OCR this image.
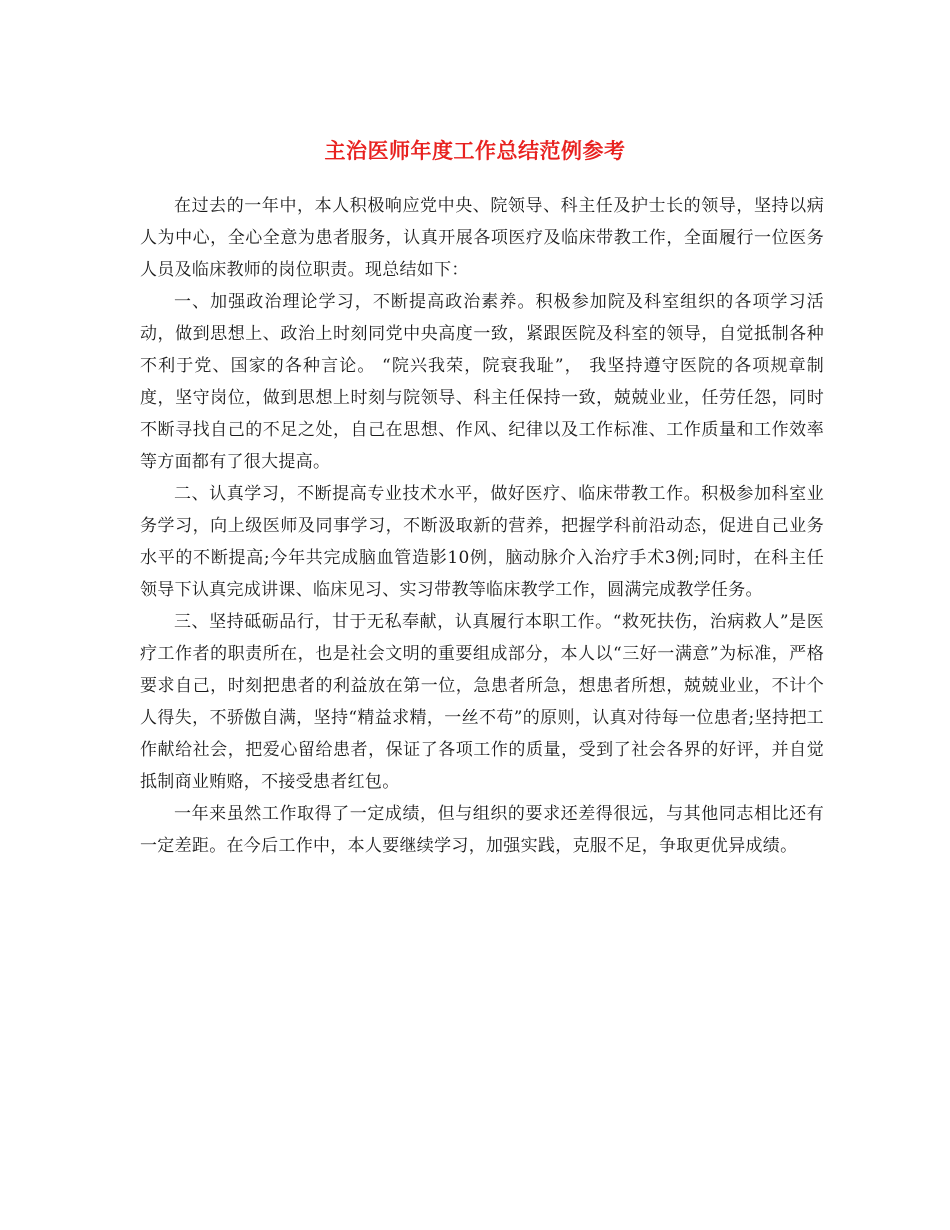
主治医师年度工作总结范例参考

在过去的一年中，本人积极响应党中央、院领导、科主任及护士长的领导，坚持以病人为中心，全心全意为患者服务，认真开展各项医疗及临床带教工作，全面履行一位医务人员及临床教师的岗位职责。现总结如下：

一、加强政治理论学习，不断提高政治素养。积极参加院及科室组织的各项学习活动，做到思想上、政治上时刻同党中央高度一致，紧跟医院及科室的领导，自觉抵制各种不利于党、国家的各种言论。 “院兴我荣，院衰我耻”， 我坚持遵守医院的各项规章制度，坚守岗位，做到思想上时刻与院领导、科主任保持一致，兢兢业业，任劳任怨，同时不断寻找自己的不足之处，自己在思想、作风、纪律以及工作标准、工作质量和工作效率等方面都有了很大提高。

二、认真学习，不断提高专业技术水平，做好医疗、临床带教工作。积极参加科室业务学习，向上级医师及同事学习，不断汲取新的营养，把握学科前沿动态，促进自己业务水平的不断提高;今年共完成脑血管造影10例，脑动脉介入治疗手术3例;同时，在科主任领导下认真完成讲课、临床见习、实习带教等临床教学工作，圆满完成教学任务。

三、坚持砥砺品行，甘于无私奉献，认真履行本职工作。“救死扶伤，治病救人”是医疗工作者的职责所在，也是社会文明的重要组成部分，本人以“三好一满意”为标准，严格要求自己，时刻把患者的利益放在第一位，急患者所急，想患者所想，兢兢业业，不计个人得失，不骄傲自满，坚持“精益求精，一丝不苟”的原则，认真对待每一位患者;坚持把工作献给社会，把爱心留给患者，保证了各项工作的质量，受到了社会各界的好评，并自觉抵制商业贿赂，不接受患者红包。

一年来虽然工作取得了一定成绩，但与组织的要求还差得很远，与其他同志相比还有一定差距。在今后工作中，本人要继续学习，加强实践，克服不足，争取更优异成绩。
